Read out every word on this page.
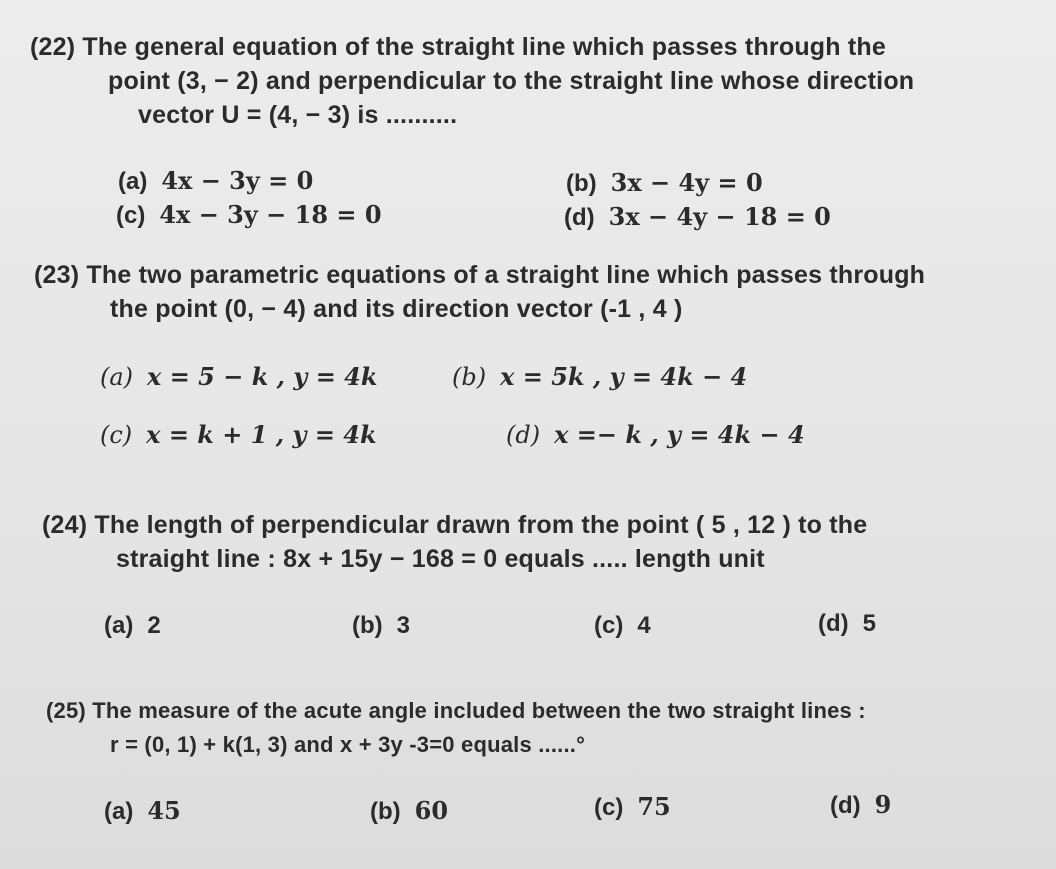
(22) The general equation of the straight line which passes through the
point (3, − 2) and perpendicular to the straight line whose direction
vector U = (4, − 3) is ..........
(a) 4x − 3y = 0	(b) 3x − 4y = 0
(c) 4x − 3y − 18 = 0	(d) 3x − 4y − 18 = 0
(23) The two parametric equations of a straight line which passes through
the point (0, − 4) and its direction vector (-1 , 4 )
(a) x = 5 − k , y = 4k	(b) x = 5k , y = 4k − 4
(c) x = k + 1 , y = 4k	(d) x =− k , y = 4k − 4
(24) The length of perpendicular drawn from the point ( 5 , 12 ) to the
straight line : 8x + 15y − 168 = 0 equals ..... length unit
(a) 2	(b) 3	(c) 4	(d) 5
(25) The measure of the acute angle included between the two straight lines :
r = (0, 1) + k(1, 3) and x + 3y -3=0 equals ......°
(a) 45	(b) 60	(c) 75	(d) 9
